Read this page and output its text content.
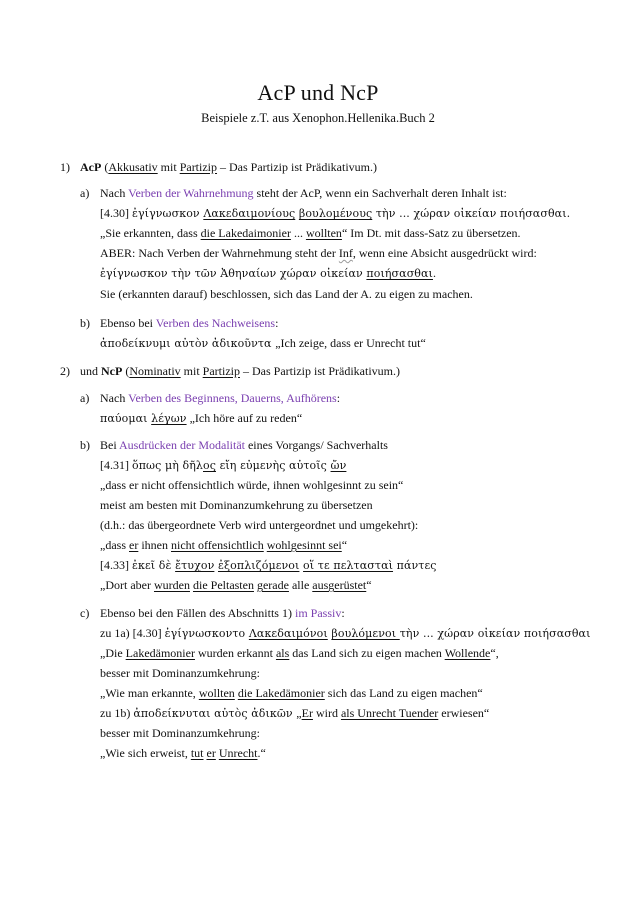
AcP und NcP
Beispiele z.T. aus Xenophon.Hellenika.Buch 2
1) AcP (Akkusativ mit Partizip – Das Partizip ist Prädikativum.)
a) Nach Verben der Wahrnehmung steht der AcP, wenn ein Sachverhalt deren Inhalt ist:
[4.30] ἐγίγνωσκον Λακεδαιμονίους βουλομένους τὴν ... χώραν οἰκείαν ποιήσασθαι.
„Sie erkannten, dass die Lakedaimonier ... wollten“ Im Dt. mit dass-Satz zu übersetzen.
ABER: Nach Verben der Wahrnehmung steht der Inf, wenn eine Absicht ausgedrückt wird:
ἐγίγνωσκον τὴν τῶν Ἀθηναίων χώραν οἰκείαν ποιήσασθαι.
Sie (erkannten darauf) beschlossen, sich das Land der A. zu eigen zu machen.
b) Ebenso bei Verben des Nachweisens:
ἀποδείκνυμι αὐτὸν ἀδικοῦντα „Ich zeige, dass er Unrecht tut“
2) und NcP (Nominativ mit Partizip – Das Partizip ist Prädikativum.)
a) Nach Verben des Beginnens, Dauerns, Aufhörens:
παύομαι λέγων „Ich höre auf zu reden“
b) Bei Ausdrücken der Modalität eines Vorgangs/ Sachverhalts
[4.31] ὅπως μὴ δῆλος εἴη εὐμενὴς αὐτοῖς ὤν
„dass er nicht offensichtlich würde, ihnen wohlgesinnt zu sein“
meist am besten mit Dominanzumkehrung zu übersetzen
(d.h.: das übergeordnete Verb wird untergeordnet und umgekehrt):
„dass er ihnen nicht offensichtlich wohlgesinnt sei“
[4.33] ἐκεῖ δὲ ἔτυχον ἐξοπλιζόμενοι οἵ τε πελτασταὶ πάντες
„Dort aber wurden die Peltasten gerade alle ausgerüstet“
c) Ebenso bei den Fällen des Abschnitts 1) im Passiv:
zu 1a) [4.30] ἐγίγνωσκοντο Λακεδαιμόνοι βουλόμενοι τὴν ... χώραν οἰκείαν ποιήσασθαι
„Die Lakedämonier wurden erkannt als das Land sich zu eigen machen Wollende“,
besser mit Dominanzumkehrung:
„Wie man erkannte, wollten die Lakedämonier sich das Land zu eigen machen“
zu 1b) ἀποδείκνυται αὐτὸς ἀδικῶν „Er wird als Unrecht Tuender erwiesen“
besser mit Dominanzumkehrung:
„Wie sich erweist, tut er Unrecht.“
